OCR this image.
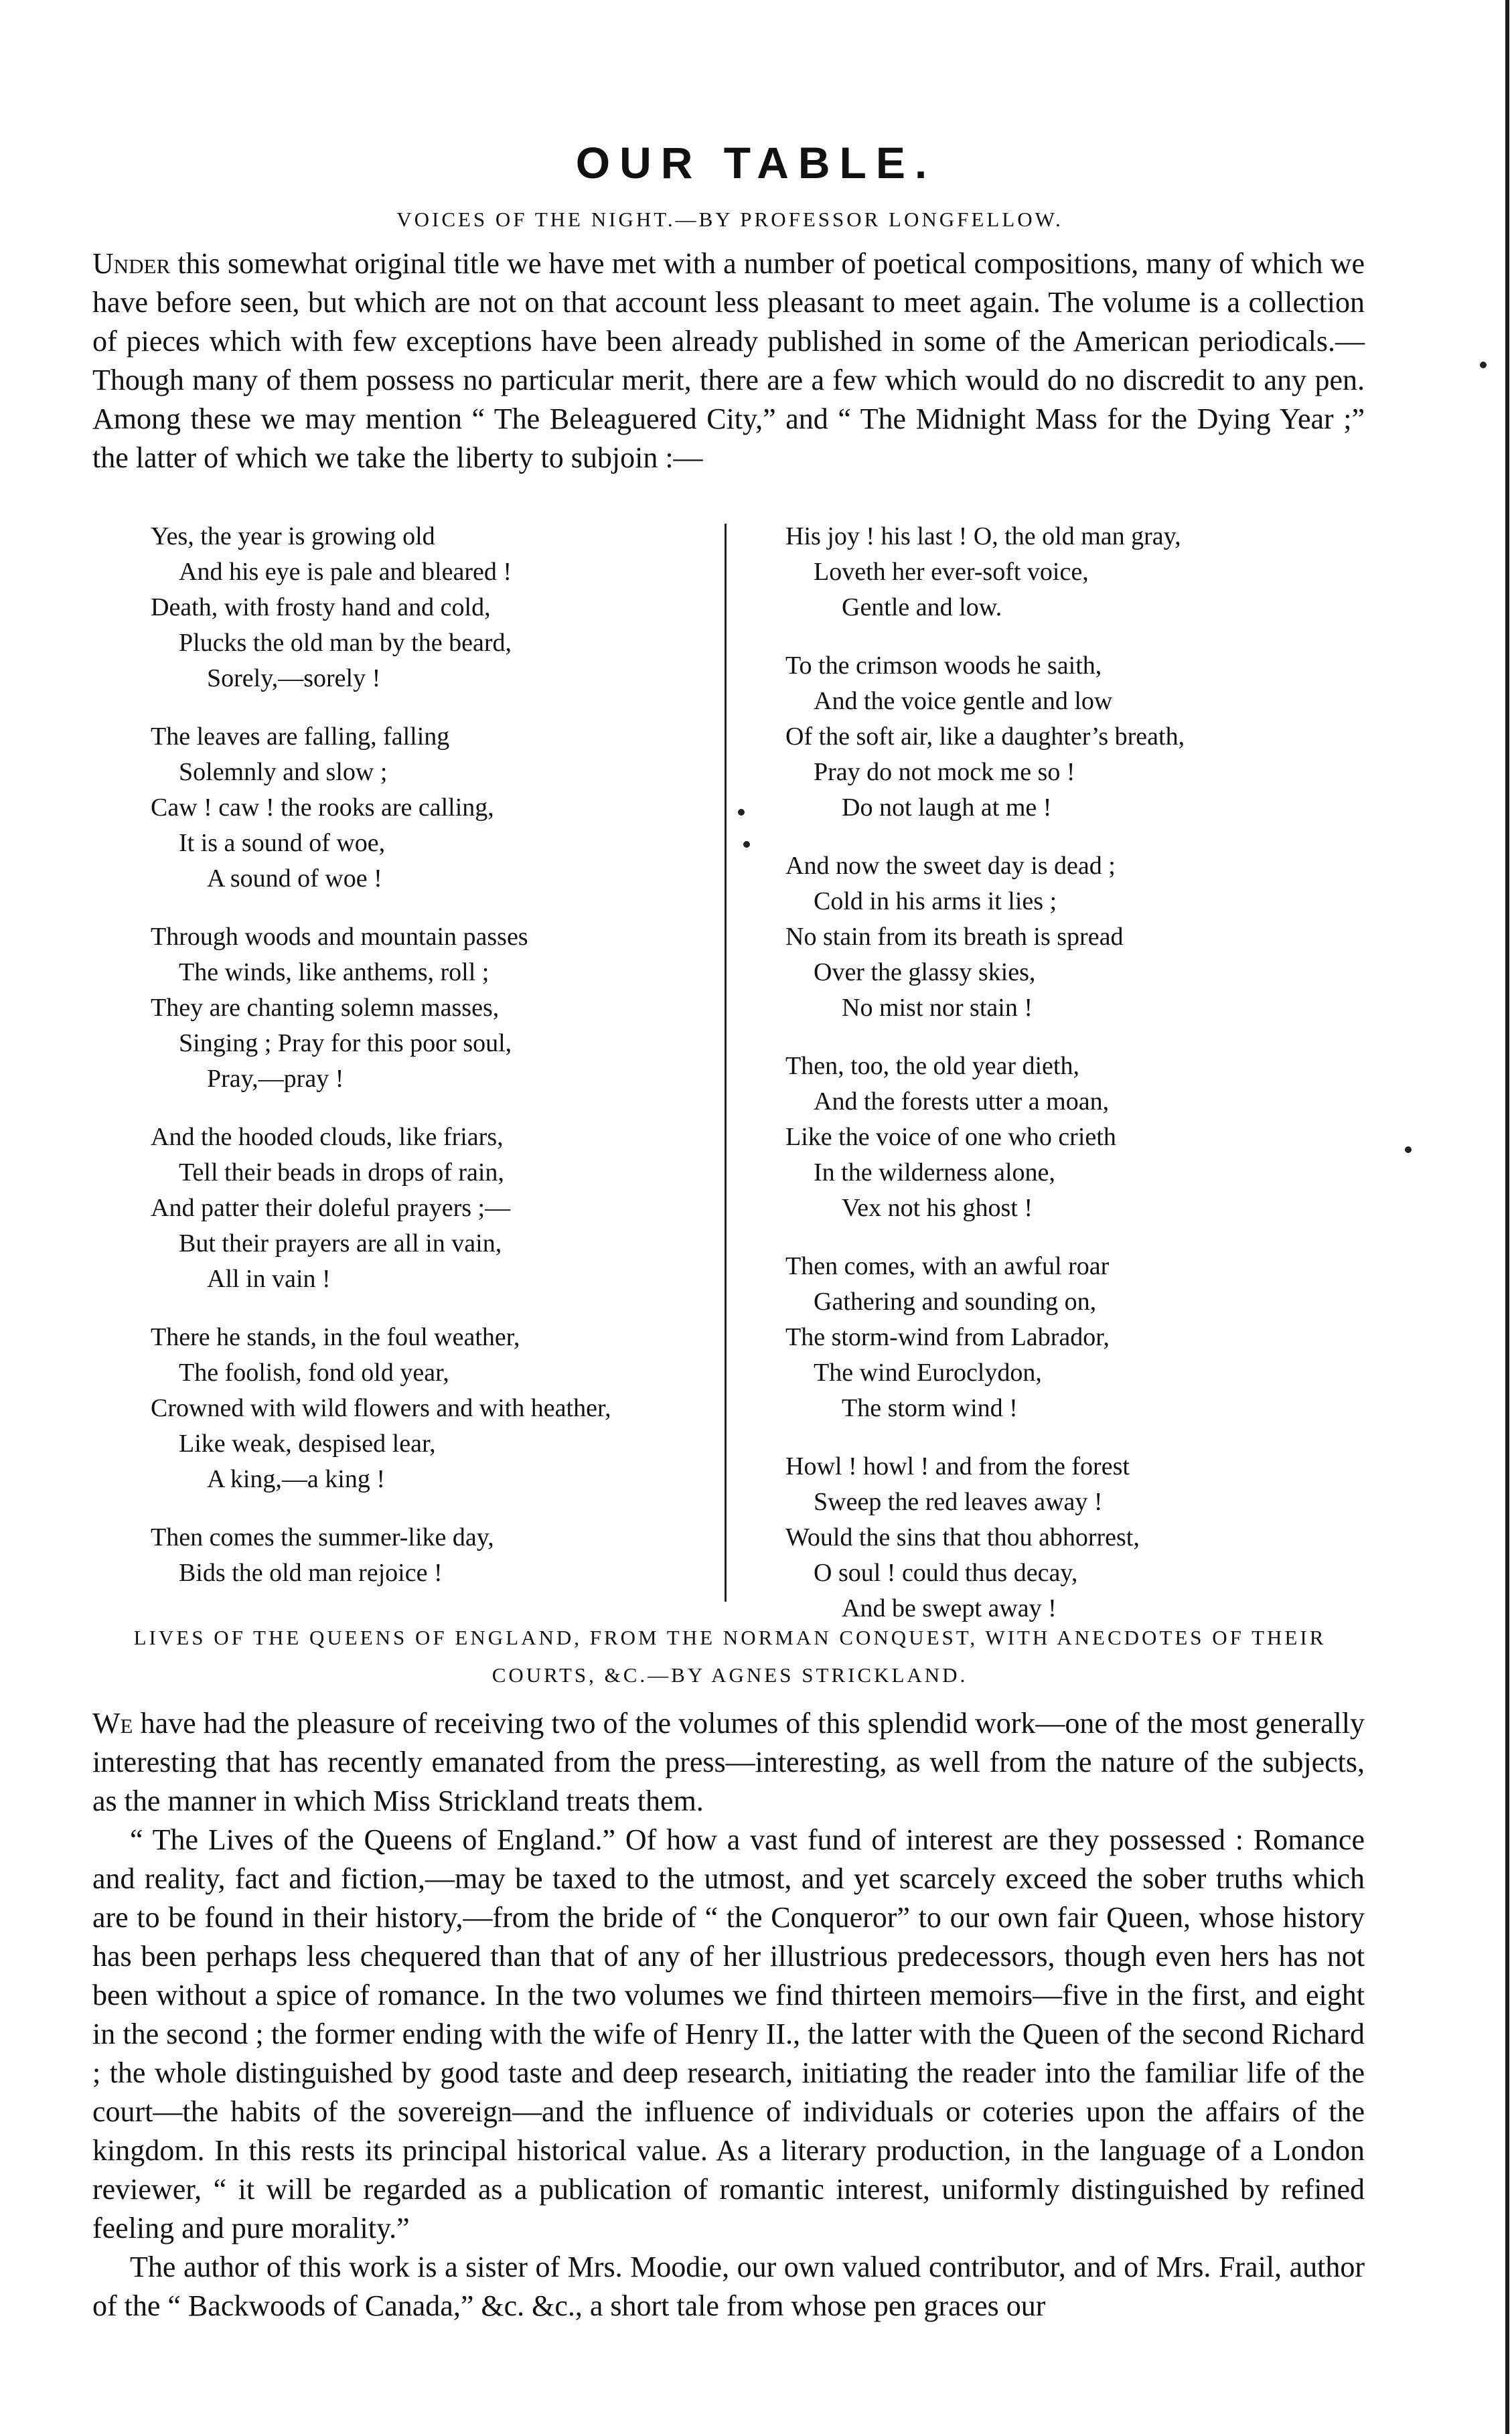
OUR TABLE.
VOICES OF THE NIGHT.—BY PROFESSOR LONGFELLOW.
Under this somewhat original title we have met with a number of poetical compositions, many of which we have before seen, but which are not on that account less pleasant to meet again. The volume is a collection of pieces which with few exceptions have been already published in some of the American periodicals.—Though many of them possess no particular merit, there are a few which would do no discredit to any pen. Among these we may mention “ The Beleaguered City,” and “ The Midnight Mass for the Dying Year ;” the latter of which we take the liberty to subjoin :—
Yes, the year is growing old
And his eye is pale and bleared !
Death, with frosty hand and cold,
Plucks the old man by the beard,
Sorely,—sorely !
The leaves are falling, falling
Solemnly and slow ;
Caw ! caw ! the rooks are calling,
It is a sound of woe,
A sound of woe !
Through woods and mountain passes
The winds, like anthems, roll ;
They are chanting solemn masses,
Singing ; Pray for this poor soul,
Pray,—pray !
And the hooded clouds, like friars,
Tell their beads in drops of rain,
And patter their doleful prayers ;—
But their prayers are all in vain,
All in vain !
There he stands, in the foul weather,
The foolish, fond old year,
Crowned with wild flowers and with heather,
Like weak, despised lear,
A king,—a king !
Then comes the summer-like day,
Bids the old man rejoice !
His joy ! his last ! O, the old man gray,
Loveth her ever-soft voice,
Gentle and low.
To the crimson woods he saith,
And the voice gentle and low
Of the soft air, like a daughter’s breath,
Pray do not mock me so !
Do not laugh at me !
And now the sweet day is dead ;
Cold in his arms it lies ;
No stain from its breath is spread
Over the glassy skies,
No mist nor stain !
Then, too, the old year dieth,
And the forests utter a moan,
Like the voice of one who crieth
In the wilderness alone,
Vex not his ghost !
Then comes, with an awful roar
Gathering and sounding on,
The storm-wind from Labrador,
The wind Euroclydon,
The storm wind !
Howl ! howl ! and from the forest
Sweep the red leaves away !
Would the sins that thou abhorrest,
O soul ! could thus decay,
And be swept away !
LIVES OF THE QUEENS OF ENGLAND, FROM THE NORMAN CONQUEST, WITH ANECDOTES OF THEIR
COURTS, &C.—BY AGNES STRICKLAND.

We have had the pleasure of receiving two of the volumes of this splendid work—one of the most generally interesting that has recently emanated from the press—interesting, as well from the nature of the subjects, as the manner in which Miss Strickland treats them.

“ The Lives of the Queens of England.” Of how a vast fund of interest are they possessed : Romance and reality, fact and fiction,—may be taxed to the utmost, and yet scarcely exceed the sober truths which are to be found in their history,—from the bride of “ the Conqueror” to our own fair Queen, whose history has been perhaps less chequered than that of any of her illustrious predecessors, though even hers has not been without a spice of romance. In the two volumes we find thirteen memoirs—five in the first, and eight in the second ; the former ending with the wife of Henry II., the latter with the Queen of the second Richard ; the whole distinguished by good taste and deep research, initiating the reader into the familiar life of the court—the habits of the sovereign—and the influence of individuals or coteries upon the affairs of the kingdom. In this rests its principal historical value. As a literary production, in the language of a London reviewer, “ it will be regarded as a publication of romantic interest, uniformly distinguished by refined feeling and pure morality.”

The author of this work is a sister of Mrs. Moodie, our own valued contributor, and of Mrs. Frail, author of the “ Backwoods of Canada,” &c. &c., a short tale from whose pen graces our
